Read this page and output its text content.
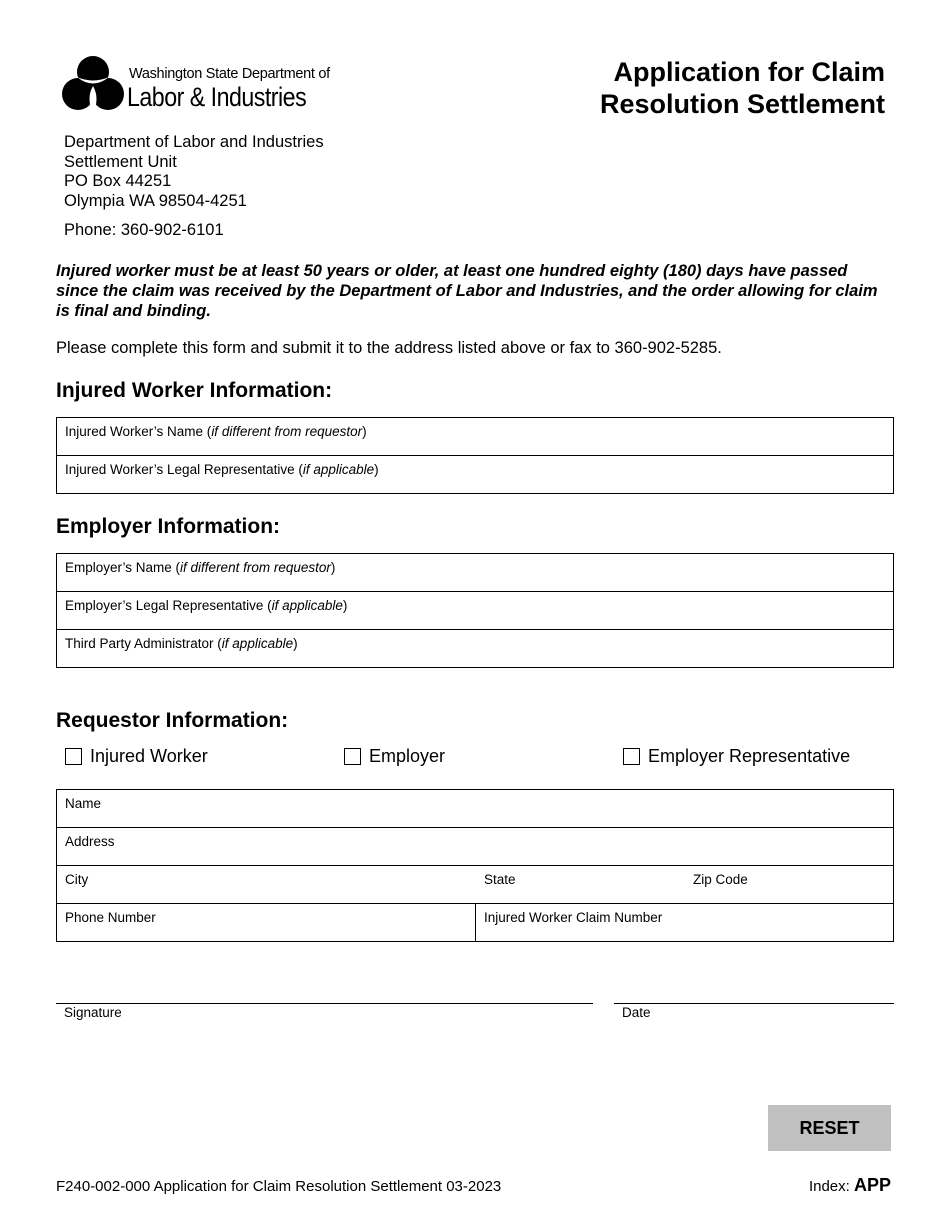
Washington State Department of
Labor & Industries
Application for Claim
Resolution Settlement
Department of Labor and Industries
Settlement Unit
PO Box 44251
Olympia WA 98504-4251
Phone: 360-902-6101
Injured worker must be at least 50 years or older, at least one hundred eighty (180) days have passed since the claim was received by the Department of Labor and Industries, and the order allowing for claim is final and binding.
Please complete this form and submit it to the address listed above or fax to 360-902-5285.
Injured Worker Information:
Injured Worker’s Name (if different from requestor)
Injured Worker’s Legal Representative (if applicable)
Employer Information:
Employer’s Name (if different from requestor)
Employer’s Legal Representative (if applicable)
Third Party Administrator (if applicable)
Requestor Information:
Injured Worker	Employer	Employer Representative
Name
Address
City	State	Zip Code
Phone Number	Injured Worker Claim Number
Signature	Date
RESET
F240-002-000 Application for Claim Resolution Settlement 03-2023	Index: APP
